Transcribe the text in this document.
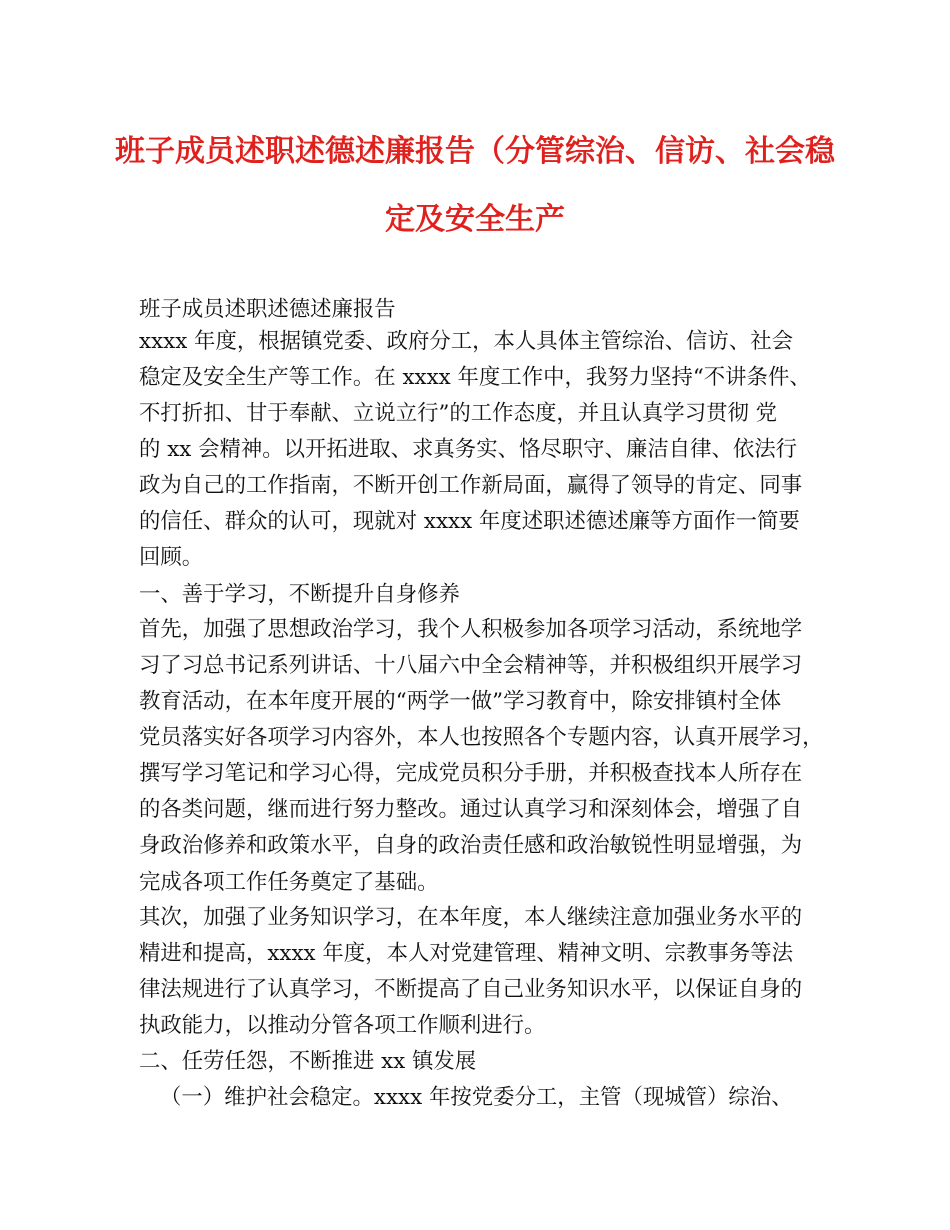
班子成员述职述德述廉报告（分管综治、信访、社会稳
定及安全生产
班子成员述职述德述廉报告
xxxx 年度，根据镇党委、政府分工，本人具体主管综治、信访、社会
稳定及安全生产等工作。在 xxxx 年度工作中，我努力坚持“不讲条件、
不打折扣、甘于奉献、立说立行”的工作态度，并且认真学习贯彻 党
的 xx 会精神。以开拓进取、求真务实、恪尽职守、廉洁自律、依法行
政为自己的工作指南，不断开创工作新局面，赢得了领导的肯定、同事
的信任、群众的认可，现就对 xxxx 年度述职述德述廉等方面作一简要
回顾。
一、善于学习，不断提升自身修养
首先，加强了思想政治学习，我个人积极参加各项学习活动，系统地学
习了习总书记系列讲话、十八届六中全会精神等，并积极组织开展学习
教育活动，在本年度开展的“两学一做”学习教育中，除安排镇村全体
党员落实好各项学习内容外，本人也按照各个专题内容，认真开展学习，
撰写学习笔记和学习心得，完成党员积分手册，并积极查找本人所存在
的各类问题，继而进行努力整改。通过认真学习和深刻体会，增强了自
身政治修养和政策水平，自身的政治责任感和政治敏锐性明显增强，为
完成各项工作任务奠定了基础。
其次，加强了业务知识学习，在本年度，本人继续注意加强业务水平的
精进和提高，xxxx 年度，本人对党建管理、精神文明、宗教事务等法
律法规进行了认真学习，不断提高了自己业务知识水平，以保证自身的
执政能力，以推动分管各项工作顺利进行。
二、任劳任怨，不断推进 xx 镇发展
（一）维护社会稳定。xxxx 年按党委分工，主管（现城管）综治、
